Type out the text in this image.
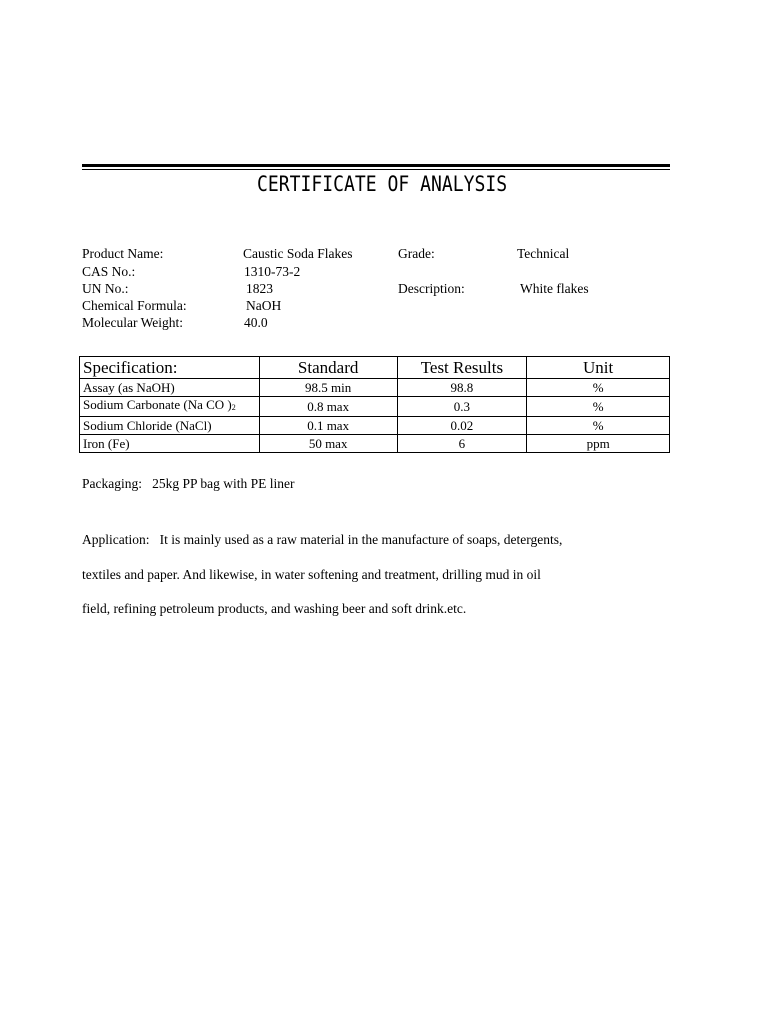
CERTIFICATE OF ANALYSIS
Product Name:	Caustic Soda Flakes	Grade:	Technical
CAS No.:	1310-73-2
UN No.:	1823	Description:	White flakes
Chemical Formula:	NaOH
Molecular Weight:	40.0
Specification:	Standard	Test Results	Unit
Assay (as NaOH)	98.5 min	98.8	%
Sodium Carbonate (Na CO )$_2$	0.8 max	0.3	%
Sodium Chloride (NaCl)	0.1 max	0.02	%
Iron (Fe)	50 max	6	ppm
Packaging:   25kg PP bag with PE liner
Application:   It is mainly used as a raw material in the manufacture of soaps, detergents,
textiles and paper. And likewise, in water softening and treatment, drilling mud in oil
field, refining petroleum products, and washing beer and soft drink.etc.
